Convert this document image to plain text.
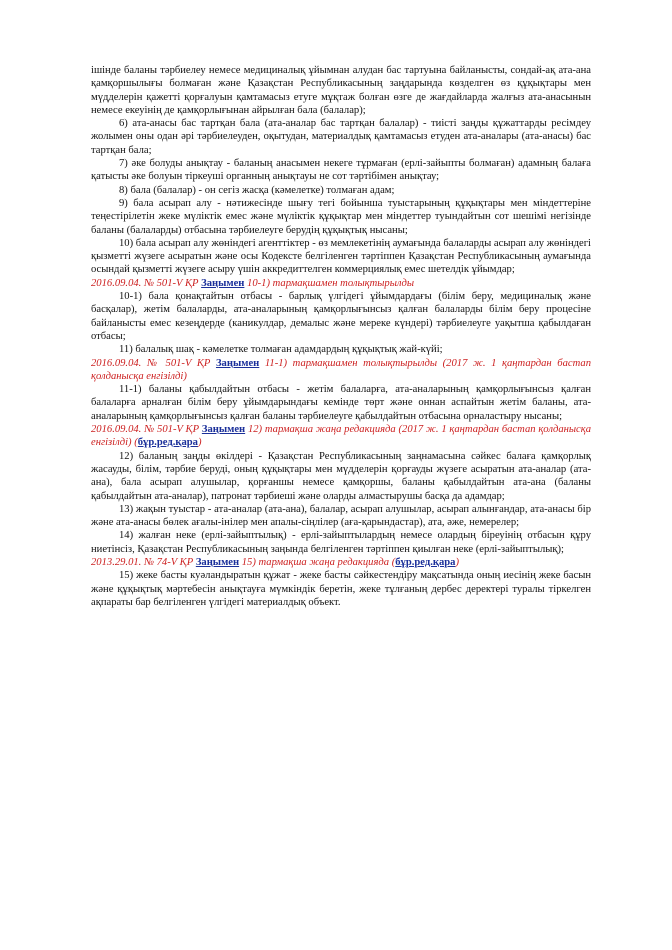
ішінде баланы тәрбиелеу немесе медициналық ұйымнан алудан бас тартуына байланысты, сондай-ақ ата-ана қамқоршылығы болмаған және Қазақстан Республикасының заңдарында көзделген өз құқықтары мен мүдделерін қажетті қорғалуын қамтамасыз етуге мұқтаж болған өзге де жағдайларда жалғыз ата-анасынын немесе екеуінің де қамқорлығынан айрылған бала (балалар);

6) ата-анасы бас тартқан бала (ата-аналар бас тартқан балалар) - тиісті заңды құжаттарды ресімдеу жолымен оны одан әрі тәрбиелеуден, оқытудан, материалдық қамтамасыз етуден ата-аналары (ата-анасы) бас тартқан бала;

7) әке болуды анықтау - баланың анасымен некеге тұрмаған (ерлі-зайыпты болмаған) адамның балаға қатысты әке болуын тіркеуші органның анықтауы не сот тәртібімен анықтау;

8) бала (балалар) - он сегіз жасқа (кәмелетке) толмаған адам;

9) бала асырап алу - нәтижесінде шығу тегі бойынша туыстарының құқықтары мен міндеттеріне теңестірілетін жеке мүліктік емес және мүліктік құқықтар мен міндеттер туындайтын сот шешімі негізінде баланы (балаларды) отбасына тәрбиелеуге берудің құқықтық нысаны;

10) бала асырап алу жөніндегі агенттіктер - өз мемлекетінің аумағында балаларды асырап алу жөніндегі қызметті жүзеге асыратын және осы Кодексте белгіленген тәртіппен Қазақстан Республикасының аумағында осындай қызметті жүзеге асыру үшін аккредиттелген коммерциялық емес шетелдік ұйымдар;

2016.09.04. № 501-V ҚР Заңымен 10-1) тармақшамен толықтырылды

10-1) бала қонақтайтын отбасы - барлық үлгідегі ұйымдардағы (білім беру, медициналық және басқалар), жетім балаларды, ата-аналарының қамқорлығынсыз қалған балаларды білім беру процесіне байланысты емес кезеңдерде (каникулдар, демалыс және мереке күндері) тәрбиелеуге уақытша қабылдаған отбасы;

11) балалық шақ - кәмелетке толмаған адамдардың құқықтық жай-күйі;

2016.09.04. № 501-V ҚР Заңымен 11-1) тармақшамен толықтырылды (2017 ж. 1 қаңтардан бастап қолданысқа енгізілді)

11-1) баланы қабылдайтын отбасы - жетім балаларға, ата-аналарының қамқорлығынсыз қалған балаларға арналған білім беру ұйымдарындағы кемінде төрт және оннан аспайтын жетім баланы, ата-аналарының қамқорлығынсыз қалған баланы тәрбиелеуге қабылдайтын отбасына орналастыру нысаны;

2016.09.04. № 501-V ҚР Заңымен 12) тармақша жаңа редакцияда (2017 ж. 1 қаңтардан бастап қолданысқа енгізілді) (бұр.ред.қара)

12) баланың заңды өкілдері - Қазақстан Республикасының заңнамасына сәйкес балаға қамқорлық жасауды, білім, тәрбие беруді, оның құқықтары мен мүдделерін қорғауды жүзеге асыратын ата-аналар (ата-ана), бала асырап алушылар, қорғаншы немесе қамқоршы, баланы қабылдайтын ата-ана (баланы қабылдайтын ата-аналар), патронат тәрбиеші және оларды алмастырушы басқа да адамдар;

13) жақын туыстар - ата-аналар (ата-ана), балалар, асырап алушылар, асырап алынғандар, ата-анасы бір және ата-анасы бөлек ағалы-інілер мен апалы-сіңлілер (аға-қарындастар), ата, әже, немерелер;

14) жалған неке (ерлі-зайыптылық) - ерлі-зайыптылардың немесе олардың біреуінің отбасын құру ниетінсіз, Қазақстан Республикасының заңында белгіленген тәртіппен қиылған неке (ерлі-зайыптылық);

2013.29.01. № 74-V ҚР Заңымен 15) тармақша жаңа редакцияда (бұр.ред.қара)

15) жеке басты куәландыратын құжат - жеке басты сәйкестендіру мақсатында оның иесінің жеке басын және құқықтық мәртебесін анықтауға мүмкіндік беретін, жеке тұлғаның дербес деректері туралы тіркелген ақпараты бар белгіленген үлгідегі материалдық объект.
